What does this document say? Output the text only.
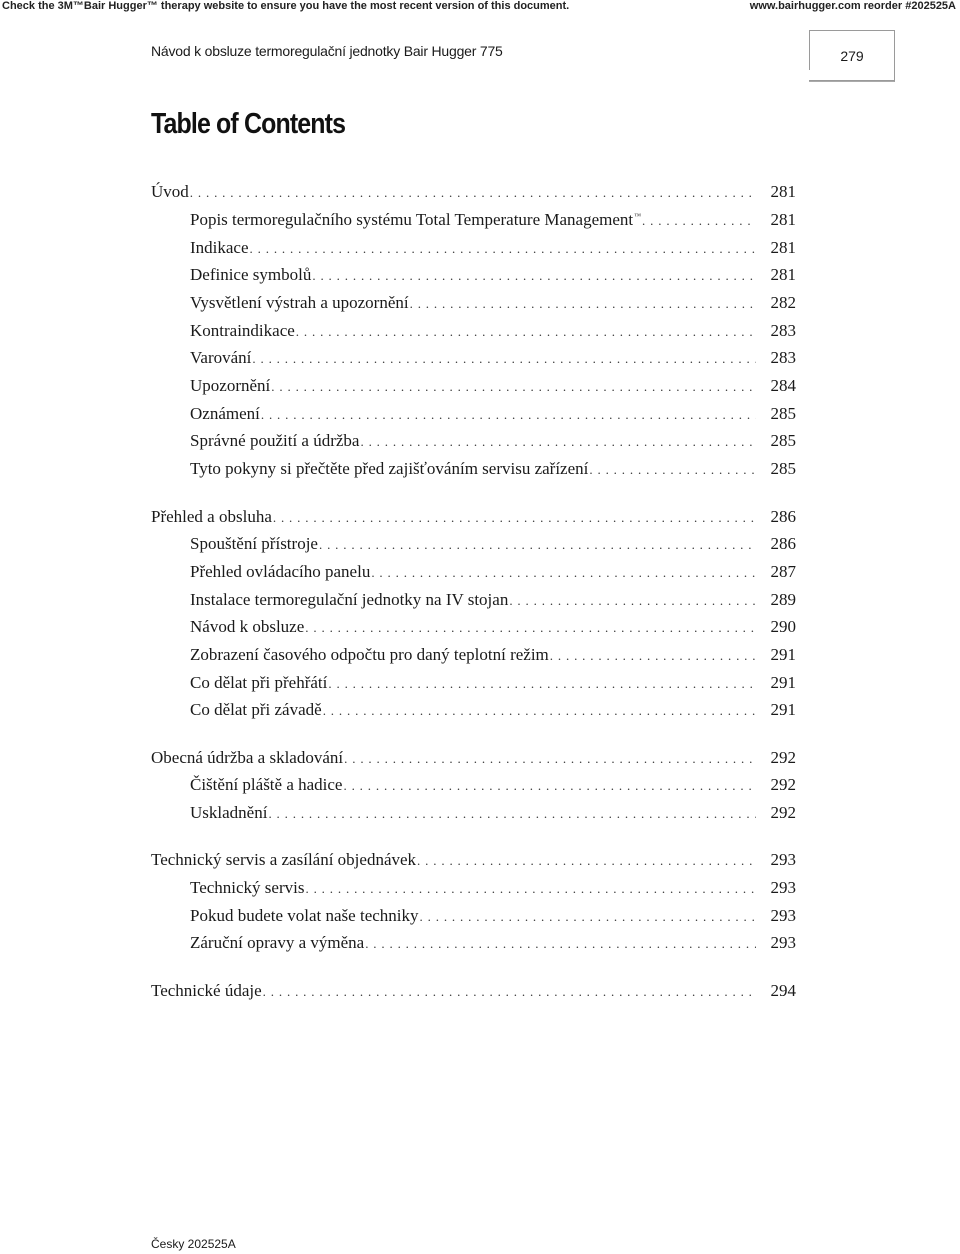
Check the 3M™Bair Hugger™ therapy website to ensure you have the most recent version of this document.	www.bairhugger.com reorder #202525A
Návod k obsluze termoregulační jednotky Bair Hugger 775	279
Table of Contents
Úvod . . .	281
Popis termoregulačního systému Total Temperature Management™ . . .	281
Indikace . . .	281
Definice symbolů . . .	281
Vysvětlení výstrah a upozornění . . .	282
Kontraindikace . . .	283
Varování . . .	283
Upozornění . . .	284
Oznámení . . .	285
Správné použití a údržba . . .	285
Tyto pokyny si přečtěte před zajišťováním servisu zařízení . . .	285
Přehled a obsluha . . .	286
Spouštění přístroje . . .	286
Přehled ovládacího panelu . . .	287
Instalace termoregulační jednotky na IV stojan . . .	289
Návod k obsluze . . .	290
Zobrazení časového odpočtu pro daný teplotní režim . . .	291
Co dělat při přehřátí . . .	291
Co dělat při závadě . . .	291
Obecná údržba a skladování . . .	292
Čištění pláště a hadice . . .	292
Uskladnění . . .	292
Technický servis a zasílání objednávek . . .	293
Technický servis . . .	293
Pokud budete volat naše techniky . . .	293
Záruční opravy a výměna . . .	293
Technické údaje . . .	294
Česky 202525A
